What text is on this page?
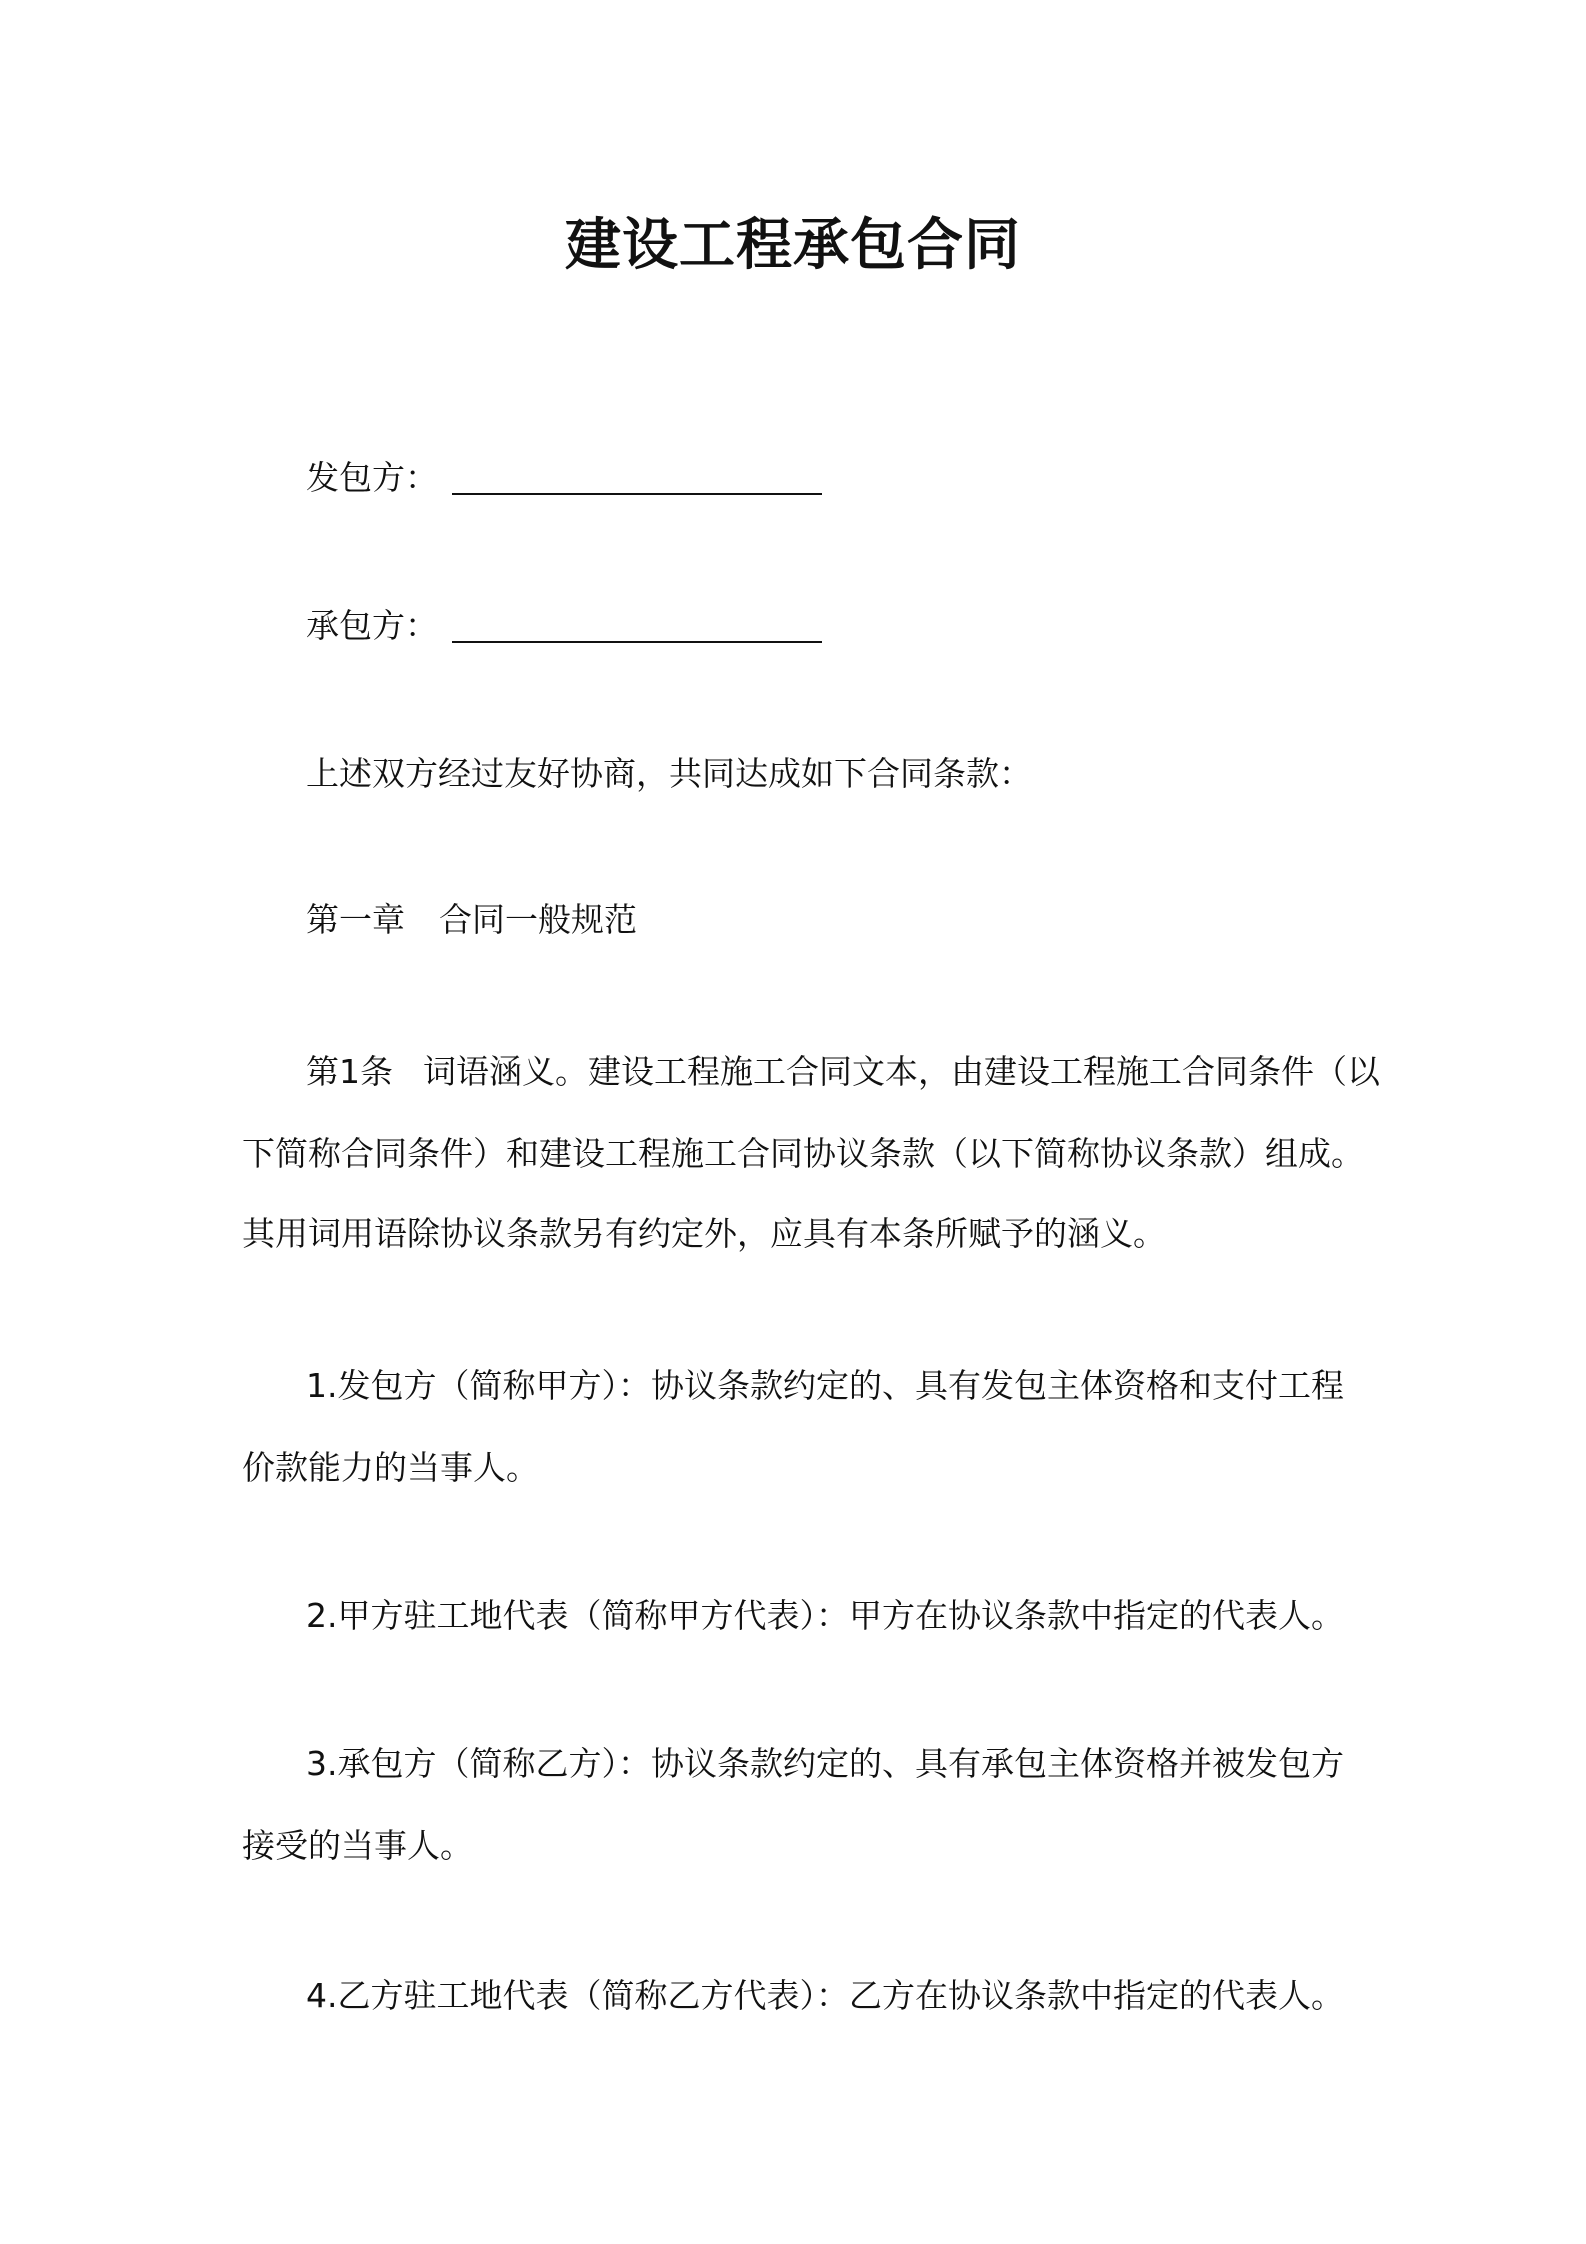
建设工程承包合同
发包方：
承包方：
上述双方经过友好协商，共同达成如下合同条款：
第一章 合同一般规范
第1条 词语涵义。建设工程施工合同文本，由建设工程施工合同条件（以
下简称合同条件）和建设工程施工合同协议条款（以下简称协议条款）组成。
其用词用语除协议条款另有约定外，应具有本条所赋予的涵义。
1.发包方（简称甲方）：协议条款约定的、具有发包主体资格和支付工程
价款能力的当事人。
2.甲方驻工地代表（简称甲方代表）：甲方在协议条款中指定的代表人。
3.承包方（简称乙方）：协议条款约定的、具有承包主体资格并被发包方
接受的当事人。
4.乙方驻工地代表（简称乙方代表）：乙方在协议条款中指定的代表人。
